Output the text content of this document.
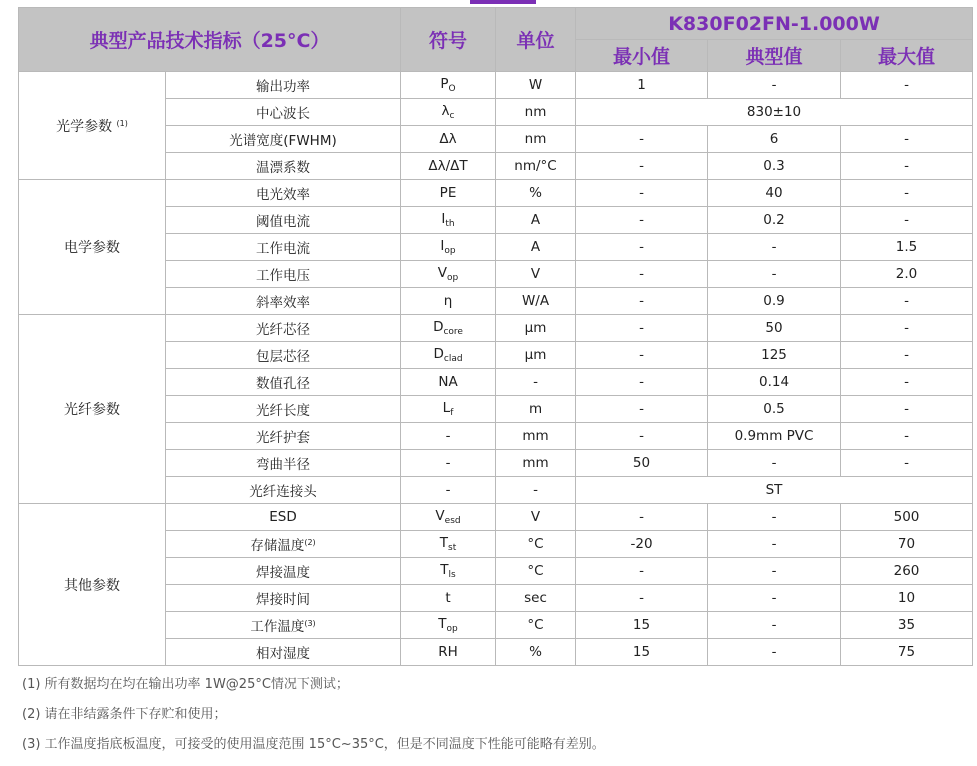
典型产品技术指标（25°C）		符号	单位	K830F02FN-1.000W		
				最小值	典型值	最大值
光学参数 $^{(1)}$	输出功率	$P_O$	W	1	-	-
	中心波长	$\lambda_c$	nm	830±10		
	光谱宽度(FWHM)	Δλ	nm	-	6	-
	温漂系数	Δλ/ΔT	nm/°C	-	0.3	-
电学参数	电光效率	PE	%	-	40	-
	阈值电流	$I_{th}$	A	-	0.2	-
	工作电流	$I_{op}$	A	-	-	1.5
	工作电压	$V_{op}$	V	-	-	2.0
	斜率效率	η	W/A	-	0.9	-
光纤参数	光纤芯径	$D_{core}$	μm	-	50	-
	包层芯径	$D_{clad}$	μm	-	125	-
	数值孔径	NA	-	-	0.14	-
	光纤长度	$L_f$	m	-	0.5	-
	光纤护套	-	mm	-	0.9mm PVC	-
	弯曲半径	-	mm	50	-	-
	光纤连接头	-	-	ST		
其他参数	ESD	$V_{esd}$	V	-	-	500
	存储温度$^{(2)}$	$T_{st}$	°C	-20	-	70
	焊接温度	$T_{ls}$	°C	-	-	260
	焊接时间	t	sec	-	-	10
	工作温度$^{(3)}$	$T_{op}$	°C	15	-	35
	相对湿度	RH	%	15	-	75
(1) 所有数据均在均在输出功率 1W@25°C情况下测试；
(2) 请在非结露条件下存贮和使用；
(3) 工作温度指底板温度，可接受的使用温度范围 15°C~35°C，但是不同温度下性能可能略有差别。
